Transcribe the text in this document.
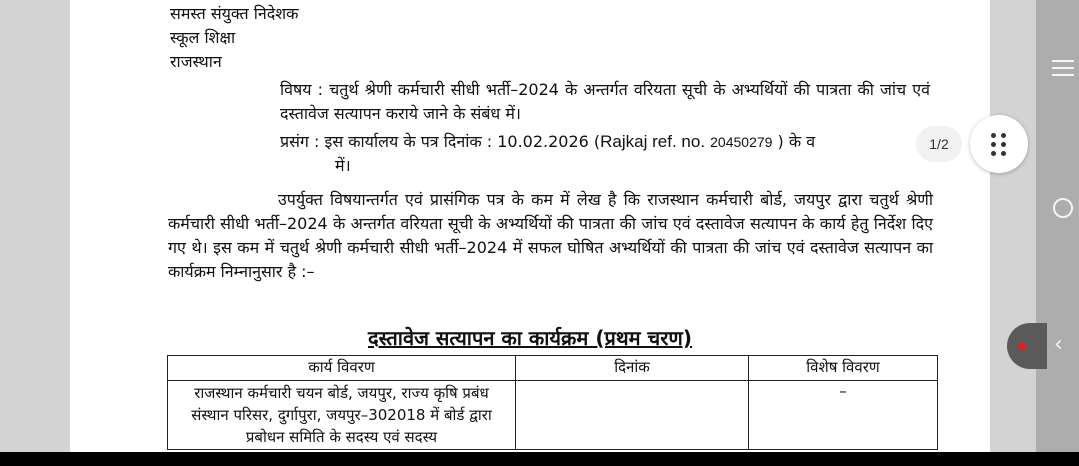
समस्त संयुक्त निदेशक
स्कूल शिक्षा
राजस्थान
विषय : चतुर्थ श्रेणी कर्मचारी सीधी भर्ती–2024 के अन्तर्गत वरियता सूची के अभ्यर्थियों की पात्रता की जांच एवं दस्तावेज सत्यापन कराये जाने के संबंध में।
प्रसंग : इस कार्यालय के पत्र दिनांक : 10.02.2026 (Rajkaj ref. no. 20450279 ) के व
में।

उपर्युक्त विषयान्तर्गत एवं प्रासंगिक पत्र के कम में लेख है कि राजस्थान कर्मचारी बोर्ड, जयपुर द्वारा चतुर्थ श्रेणी कर्मचारी सीधी भर्ती–2024 के अन्तर्गत वरियता सूची के अभ्यर्थियों की पात्रता की जांच एवं दस्तावेज सत्यापन के कार्य हेतु निर्देश दिए गए थे। इस कम में चतुर्थ श्रेणी कर्मचारी सीधी भर्ती–2024 में सफल घोषित अभ्यर्थियों की पात्रता की जांच एवं दस्तावेज सत्यापन का कार्यक्रम निम्नानुसार है :–

दस्तावेज सत्यापन का कार्यक्रम (प्रथम चरण)
कार्य विवरण	दिनांक	विशेष विवरण
राजस्थान कर्मचारी चयन बोर्ड, जयपुर, राज्य कृषि प्रबंध संस्थान परिसर, दुर्गापुरा, जयपुर–302018 में बोर्ड द्वारा प्रबोधन समिति के सदस्य एवं सदस्य		–
‹
1/2
